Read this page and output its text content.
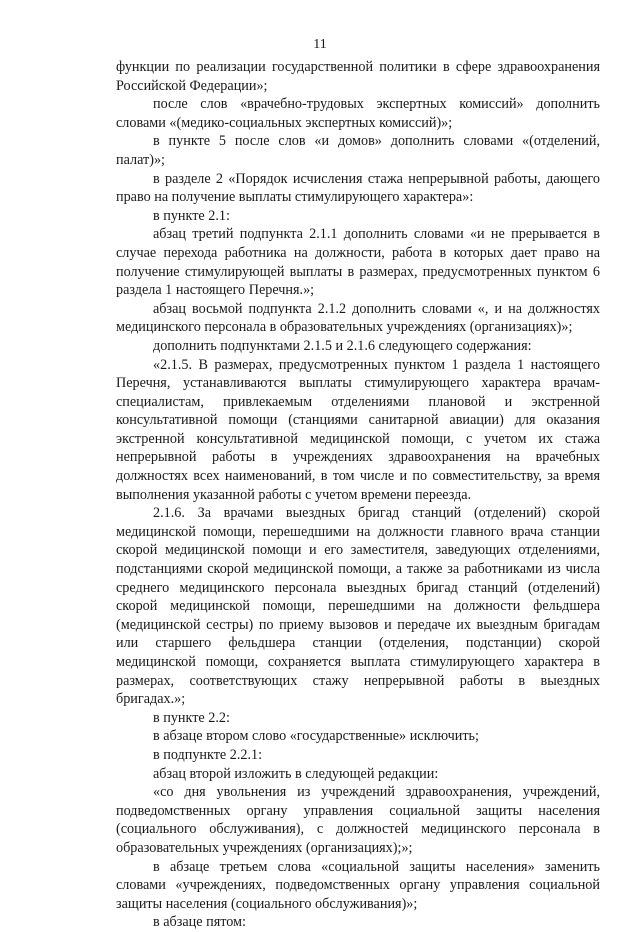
11

функции по реализации государственной политики в сфере здравоохранения Российской Федерации»;

после слов «врачебно-трудовых экспертных комиссий» дополнить словами «(медико-социальных экспертных комиссий)»;

в пункте 5 после слов «и домов» дополнить словами «(отделений, палат)»;

в разделе 2 «Порядок исчисления стажа непрерывной работы, дающего право на получение выплаты стимулирующего характера»:

в пункте 2.1:

абзац третий подпункта 2.1.1 дополнить словами «и не прерывается в случае перехода работника на должности, работа в которых дает право на получение стимулирующей выплаты в размерах, предусмотренных пунктом 6 раздела 1 настоящего Перечня.»;

абзац восьмой подпункта 2.1.2 дополнить словами «, и на должностях медицинского персонала в образовательных учреждениях (организациях)»;

дополнить подпунктами 2.1.5 и 2.1.6 следующего содержания:

«2.1.5. В размерах, предусмотренных пунктом 1 раздела 1 настоящего Перечня, устанавливаются выплаты стимулирующего характера врачам-специалистам, привлекаемым отделениями плановой и экстренной консультативной помощи (станциями санитарной авиации) для оказания экстренной консультативной медицинской помощи, с учетом их стажа непрерывной работы в учреждениях здравоохранения на врачебных должностях всех наименований, в том числе и по совместительству, за время выполнения указанной работы с учетом времени переезда.

2.1.6. За врачами выездных бригад станций (отделений) скорой медицинской помощи, перешедшими на должности главного врача станции скорой медицинской помощи и его заместителя, заведующих отделениями, подстанциями скорой медицинской помощи, а также за работниками из числа среднего медицинского персонала выездных бригад станций (отделений) скорой медицинской помощи, перешедшими на должности фельдшера (медицинской сестры) по приему вызовов и передаче их выездным бригадам или старшего фельдшера станции (отделения, подстанции) скорой медицинской помощи, сохраняется выплата стимулирующего характера в размерах, соответствующих стажу непрерывной работы в выездных бригадах.»;

в пункте 2.2:

в абзаце втором слово «государственные» исключить;

в подпункте 2.2.1:

абзац второй изложить в следующей редакции:

«со дня увольнения из учреждений здравоохранения, учреждений, подведомственных органу управления социальной защиты населения (социального обслуживания), с должностей медицинского персонала в образовательных учреждениях (организациях);»;

в абзаце третьем слова «социальной защиты населения» заменить словами «учреждениях, подведомственных органу управления социальной защиты населения (социального обслуживания)»;

в абзаце пятом:
